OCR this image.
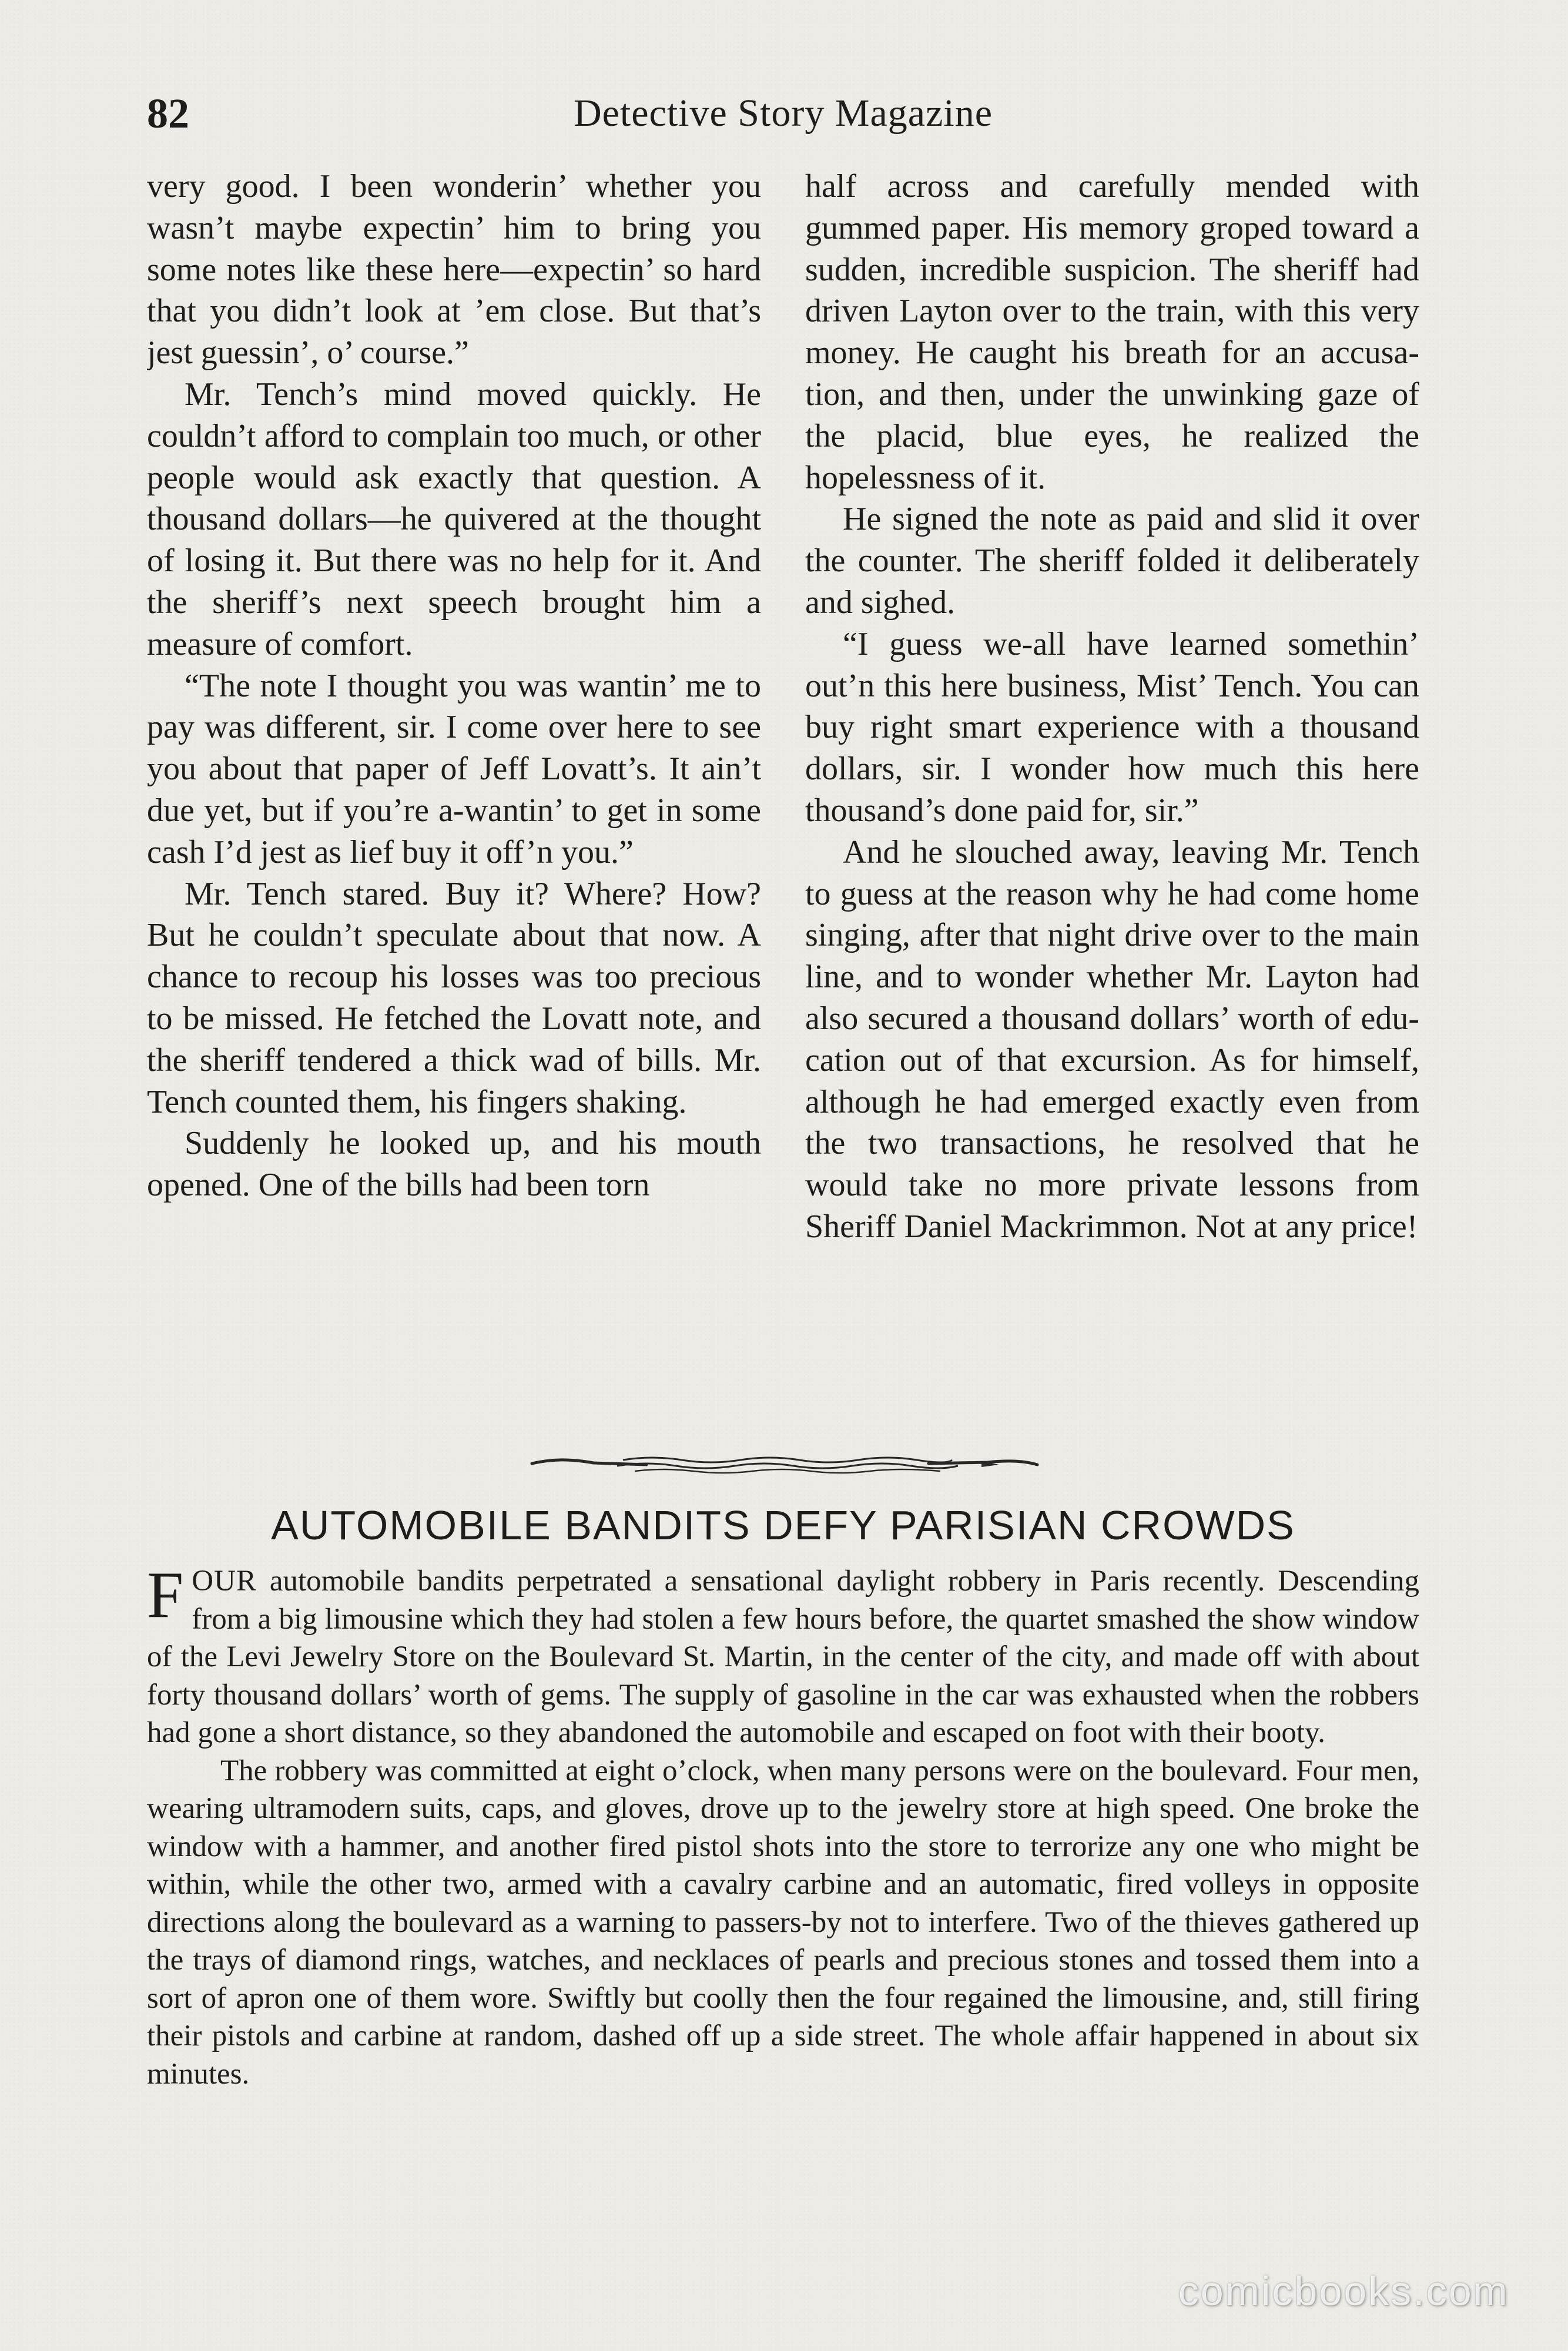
82	Detective Story Magazine

very good. I been wonderin’ whether you wasn’t maybe expectin’ him to bring you some notes like these here—expectin’ so hard that you didn’t look at ’em close. But that’s jest guessin’, o’ course.”

Mr. Tench’s mind moved quickly. He couldn’t afford to complain too much, or other people would ask exactly that question. A thousand dollars—he quivered at the thought of losing it. But there was no help for it. And the sheriff’s next speech brought him a measure of comfort.

“The note I thought you was wantin’ me to pay was different, sir. I come over here to see you about that paper of Jeff Lovatt’s. It ain’t due yet, but if you’re a-wantin’ to get in some cash I’d jest as lief buy it off’n you.”

Mr. Tench stared. Buy it? Where? How? But he couldn’t speculate about that now. A chance to recoup his losses was too precious to be missed. He fetched the Lovatt note, and the sheriff tendered a thick wad of bills. Mr. Tench counted them, his fingers shaking.

Suddenly he looked up, and his mouth opened. One of the bills had been torn

half across and carefully mended with gummed paper. His memory groped toward a sudden, incredible suspicion. The sheriff had driven Layton over to the train, with this very money. He caught his breath for an accusation, and then, under the unwinking gaze of the placid, blue eyes, he realized the hopelessness of it.

He signed the note as paid and slid it over the counter. The sheriff folded it deliberately and sighed.

“I guess we-all have learned somethin’ out’n this here business, Mist’ Tench. You can buy right smart experience with a thousand dollars, sir. I wonder how much this here thousand’s done paid for, sir.”

And he slouched away, leaving Mr. Tench to guess at the reason why he had come home singing, after that night drive over to the main line, and to wonder whether Mr. Layton had also secured a thousand dollars’ worth of education out of that excursion. As for himself, although he had emerged exactly even from the two transactions, he resolved that he would take no more private lessons from Sheriff Daniel Mackrimmon. Not at any price!

AUTOMOBILE BANDITS DEFY PARISIAN CROWDS

FOUR automobile bandits perpetrated a sensational daylight robbery in Paris recently. Descending from a big limousine which they had stolen a few hours before, the quartet smashed the show window of the Levi Jewelry Store on the Boulevard St. Martin, in the center of the city, and made off with about forty thousand dollars’ worth of gems. The supply of gasoline in the car was exhausted when the robbers had gone a short distance, so they abandoned the automobile and escaped on foot with their booty.

The robbery was committed at eight o’clock, when many persons were on the boulevard. Four men, wearing ultramodern suits, caps, and gloves, drove up to the jewelry store at high speed. One broke the window with a hammer, and another fired pistol shots into the store to terrorize any one who might be within, while the other two, armed with a cavalry carbine and an automatic, fired volleys in opposite directions along the boulevard as a warning to passers-by not to interfere. Two of the thieves gathered up the trays of diamond rings, watches, and necklaces of pearls and precious stones and tossed them into a sort of apron one of them wore. Swiftly but coolly then the four regained the limousine, and, still firing their pistols and carbine at random, dashed off up a side street. The whole affair happened in about six minutes.

comicbooks.com
